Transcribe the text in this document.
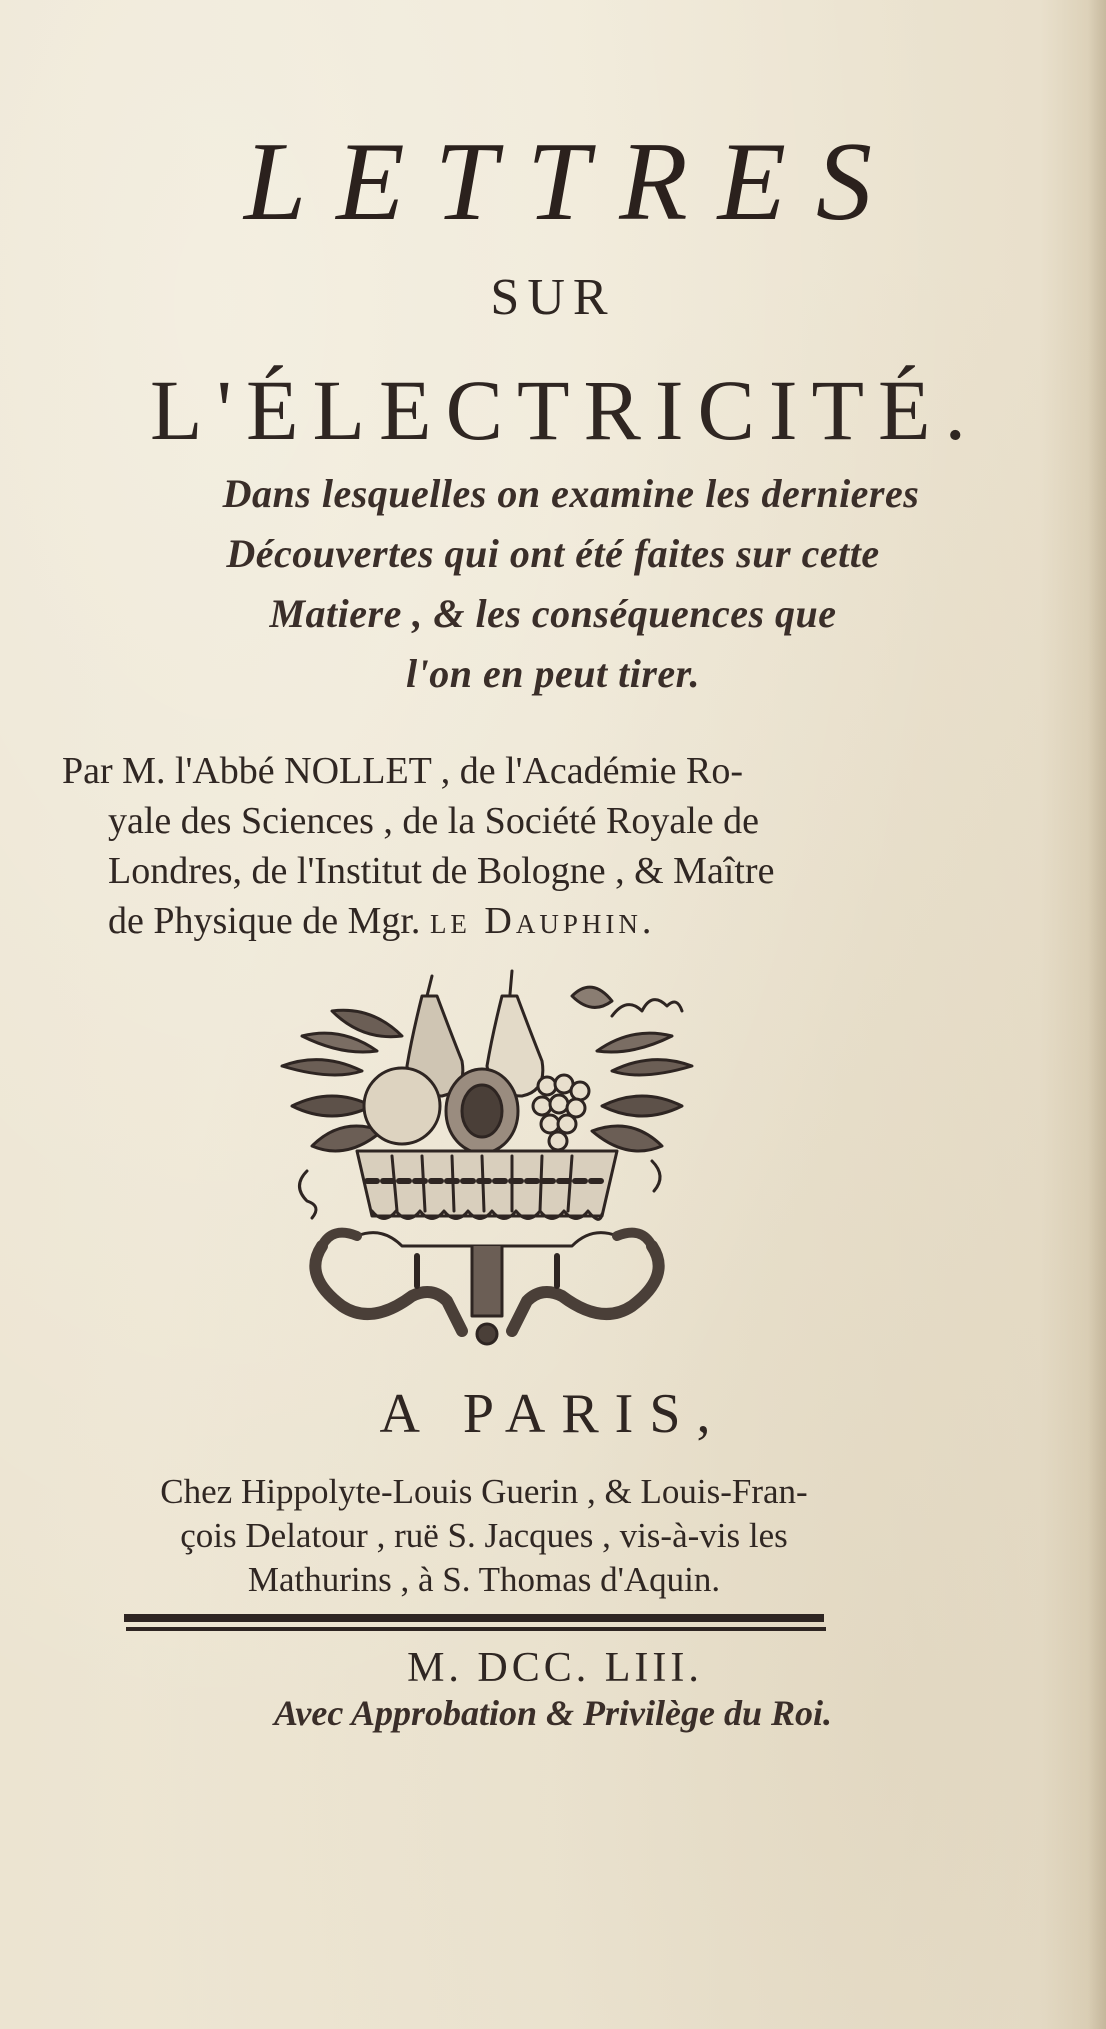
LETTRES
SUR
L'ÉLECTRICITÉ.
Dans lesquelles on examine les dernieres
Découvertes qui ont été faites sur cette
Matiere , & les conséquences que
l'on en peut tirer.
Par M. l'Abbé NOLLET , de l'Académie Ro-
yale des Sciences , de la Société Royale de
Londres, de l'Institut de Bologne , & Maître
de Physique de Mgr. le Dauphin.
A PARIS,
Chez Hippolyte-Louis Guerin , & Louis-Fran-
çois Delatour , ruë S. Jacques , vis-à-vis les
Mathurins , à S. Thomas d'Aquin.
M. DCC. LIII.
Avec Approbation & Privilège du Roi.
